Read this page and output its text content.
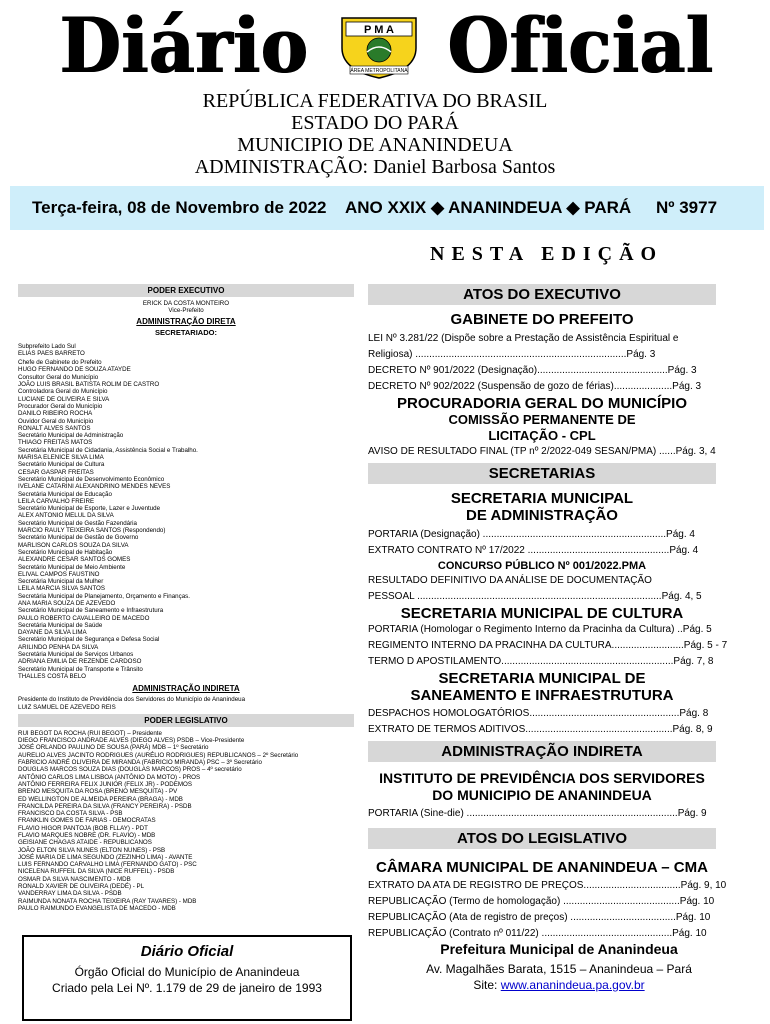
Diário	P M A
ÁREA METROPOLITANA Oficial
REPÚBLICA FEDERATIVA DO BRASIL
ESTADO DO PARÁ
MUNICIPIO DE ANANINDEUA
ADMINISTRAÇÃO: Daniel Barbosa Santos
Terça-feira, 08 de Novembro de 2022 ANO XXIX ◆ ANANINDEUA ◆ PARÁ Nº 3977
NESTA EDIÇÃO
PODER EXECUTIVO
ERICK DA COSTA MONTEIRO
Vice-Prefeito
ADMINISTRAÇÃO DIRETA
SECRETARIADO:
Subprefeito Lado Sul
ELIAS PAES BARRETO
Chefe de Gabinete do Prefeito
HUGO FERNANDO DE SOUZA ATAYDE
Consultor Geral do Município
JOÃO LUIS BRASIL BATISTA ROLIM DE CASTRO
Controladora Geral do Município
LUCIANE DE OLIVEIRA E SILVA
Procurador Geral do Município
DANILO RIBEIRO ROCHA
Ouvidor Geral do Município
RONALT ALVES SANTOS
Secretário Municipal de Administração
THIAGO FREITAS MATOS
Secretária Municipal de Cidadania, Assistência Social e Trabalho.
MARISA ELENICE SILVA LIMA
Secretário Municipal de Cultura
CESAR GASPAR FREITAS
Secretário Municipal de Desenvolvimento Econômico
IVELANE CATARINI ALEXANDRINO MENDES NEVES
Secretária Municipal de Educação
LEILA CARVALHO FREIRE
Secretário Municipal de Esporte, Lazer e Juventude
ALEX ANTONIO MELUL DA SILVA
Secretário Municipal de Gestão Fazendária
MARCIO RAULY TEIXEIRA SANTOS (Respondendo)
Secretário Municipal de Gestão de Governo
MARLISON CARLOS SOUZA DA SILVA
Secretário Municipal de Habitação
ALEXANDRE CESAR SANTOS GOMES
Secretário Municipal de Meio Ambiente
ELIVAL CAMPOS FAUSTINO
Secretária Municipal da Mulher
LEILA MARCIA SILVA SANTOS
Secretária Municipal de Planejamento, Orçamento e Finanças.
ANA MARIA SOUZA DE AZEVEDO
Secretário Municipal de Saneamento e Infraestrutura
PAULO ROBERTO CAVALLEIRO DE MACEDO
Secretária Municipal de Saúde
DAYANE DA SILVA LIMA
Secretário Municipal de Segurança e Defesa Social
ARILINDO PENHA DA SILVA
Secretária Municipal de Serviços Urbanos
ADRIANA EMILIA DE REZENDE CARDOSO
Secretário Municipal de Transporte e Trânsito
THALLES COSTA BELO
ADMINISTRAÇÃO INDIRETA
Presidente do Instituto de Previdência dos Servidores do Município de Ananindeua
LUIZ SAMUEL DE AZEVEDO REIS
PODER LEGISLATIVO
RUI BEGOT DA ROCHA (RUI BEGOT) – Presidente
DIEGO FRANCISCO ANDRADE ALVES (DIEGO ALVES) PSDB – Vice-Presidente
JOSÉ ORLANDO PAULINO DE SOUSA (PARÁ) MDB – 1º Secretário
AURELIO ALVES JACINTO RODRIGUES (AURÉLIO RODRIGUES) REPUBLICANOS – 2º Secretário
FABRICIO ANDRÉ OLIVEIRA DE MIRANDA (FABRICIO MIRANDA) PSC – 3º Secretário
DOUGLAS MARCOS SOUZA DIAS (DOUGLAS MARCOS) PROS – 4º secretário
ANTÔNIO CARLOS LIMA LISBOA (ANTÔNIO DA MOTO) - PROS
ANTÔNIO FERREIRA FELIX JUNIOR (FELIX JR) - PODEMOS
BRENO MESQUITA DA ROSA (BRENO MESQUITA) - PV
ED WELLINGTON DE ALMEIDA PEREIRA (BRAGA) - MDB
FRANCILDA PEREIRA DA SILVA (FRANCY PEREIRA) - PSDB
FRANCISCO DA COSTA SILVA - PSB
FRANKLIN GOMES DE FARIAS - DEMOCRATAS
FLAVIO HIGOR PANTOJA (BOB FLLAY) - PDT
FLAVIO MARQUES NOBRE (DR. FLAVIO) - MDB
GEISIANE CHAGAS ATAIDE - REPUBLICANOS
JOÃO ELTON SILVA NUNES (ELTON NUNES) - PSB
JOSÉ MARIA DE LIMA SEGUNDO (ZEZINHO LIMA) - AVANTE
LUIS FERNANDO CARVALHO LIMA (FERNANDO GATO) - PSC
NICELENA RUFFEIL DA SILVA (NICE RUFFEIL) - PSDB
OSMAR DA SILVA NASCIMENTO - MDB
RONALD XAVIER DE OLIVEIRA (DEDÉ) - PL
VANDERRAY LIMA DA SILVA - PSDB
RAIMUNDA NONATA ROCHA TEIXEIRA (RAY TAVARES) - MDB
PAULO RAIMUNDO EVANGELISTA DE MACEDO - MDB
ATOS DO EXECUTIVO
GABINETE DO PREFEITO
LEI Nº 3.281/22 (Dispõe sobre a Prestação de Assistência Espiritual e
Religiosa) ............................................................................Pág. 3
DECRETO Nº 901/2022 (Designação)...............................................Pág. 3
DECRETO Nº 902/2022 (Suspensão de gozo de férias).....................Pág. 3
PROCURADORIA GERAL DO MUNICÍPIO
COMISSÃO PERMANENTE DE
LICITAÇÃO - CPL
AVISO DE RESULTADO FINAL (TP nº 2/2022-049 SESAN/PMA) ......Pág. 3, 4
SECRETARIAS
SECRETARIA MUNICIPAL
DE ADMINISTRAÇÃO
PORTARIA (Designação) ..................................................................Pág. 4
EXTRATO CONTRATO Nº 17/2022 ...................................................Pág. 4
CONCURSO PÚBLICO Nº 001/2022.PMA
RESULTADO DEFINITIVO DA ANÁLISE DE DOCUMENTAÇÃO
PESSOAL ........................................................................................Pág. 4, 5
SECRETARIA MUNICIPAL DE CULTURA
PORTARIA (Homologar o Regimento Interno da Pracinha da Cultura) ..Pág. 5
REGIMENTO INTERNO DA PRACINHA DA CULTURA..........................Pág. 5 - 7
TERMO D APOSTILAMENTO..............................................................Pág. 7, 8
SECRETARIA MUNICIPAL DE
SANEAMENTO E INFRAESTRUTURA
DESPACHOS HOMOLOGATÓRIOS......................................................Pág. 8
EXTRATO DE TERMOS ADITIVOS.....................................................Pág. 8, 9
ADMINISTRAÇÃO INDIRETA
INSTITUTO DE PREVIDÊNCIA DOS SERVIDORES
DO MUNICIPIO DE ANANINDEUA
PORTARIA (Sine-die) ............................................................................Pág. 9
ATOS DO LEGISLATIVO
CÂMARA MUNICIPAL DE ANANINDEUA – CMA
EXTRATO DA ATA DE REGISTRO DE PREÇOS...................................Pág. 9, 10
REPUBLICAÇÃO (Termo de homologação) ..........................................Pág. 10
REPUBLICAÇÃO (Ata de registro de preços) ......................................Pág. 10
REPUBLICAÇÃO (Contrato nº 011/22) ...............................................Pág. 10
Diário Oficial
Órgão Oficial do Município de Ananindeua
Criado pela Lei Nº. 1.179 de 29 de janeiro de 1993
Prefeitura Municipal de Ananindeua
Av. Magalhães Barata, 1515 – Ananindeua – Pará
Site: www.ananindeua.pa.gov.br
